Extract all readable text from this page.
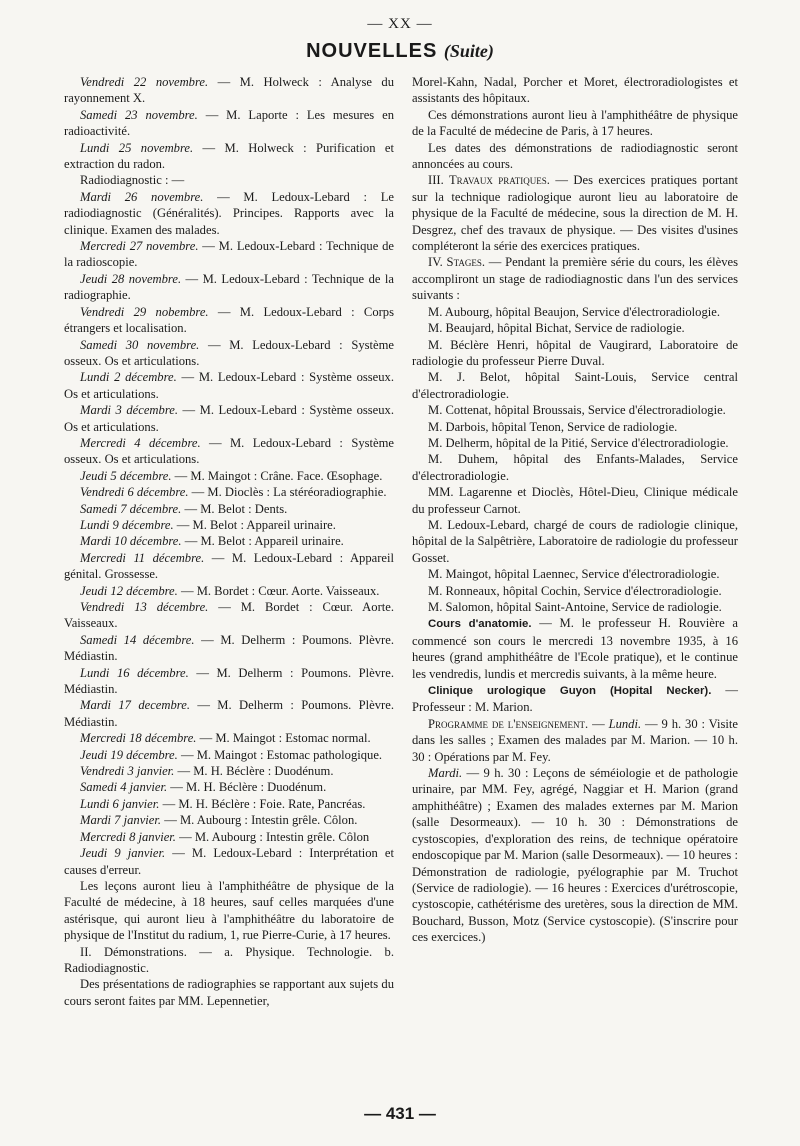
— XX —
NOUVELLES (Suite)

Vendredi 22 novembre. — M. Holweck : Analyse du rayonnement X.

Samedi 23 novembre. — M. Laporte : Les mesures en radioactivité.

Lundi 25 novembre. — M. Holweck : Purification et extraction du radon.

Radiodiagnostic : —

Mardi 26 novembre. — M. Ledoux-Lebard : Le radiodiagnostic (Généralités). Principes. Rapports avec la clinique. Examen des malades.

Mercredi 27 novembre. — M. Ledoux-Lebard : Technique de la radioscopie.

Jeudi 28 novembre. — M. Ledoux-Lebard : Technique de la radiographie.

Vendredi 29 nobembre. — M. Ledoux-Lebard : Corps étrangers et localisation.

Samedi 30 novembre. — M. Ledoux-Lebard : Système osseux. Os et articulations.

Lundi 2 décembre. — M. Ledoux-Lebard : Système osseux. Os et articulations.

Mardi 3 décembre. — M. Ledoux-Lebard : Système osseux. Os et articulations.

Mercredi 4 décembre. — M. Ledoux-Lebard : Système osseux. Os et articulations.

Jeudi 5 décembre. — M. Maingot : Crâne. Face. Œsophage.

Vendredi 6 décembre. — M. Dioclès : La stéréoradiographie.

Samedi 7 décembre. — M. Belot : Dents.

Lundi 9 décembre. — M. Belot : Appareil urinaire.

Mardi 10 décembre. — M. Belot : Appareil urinaire.

Mercredi 11 décembre. — M. Ledoux-Lebard : Appareil génital. Grossesse.

Jeudi 12 décembre. — M. Bordet : Cœur. Aorte. Vaisseaux.

Vendredi 13 décembre. — M. Bordet : Cœur. Aorte. Vaisseaux.

Samedi 14 décembre. — M. Delherm : Poumons. Plèvre. Médiastin.

Lundi 16 décembre. — M. Delherm : Poumons. Plèvre. Médiastin.

Mardi 17 decembre. — M. Delherm : Poumons. Plèvre. Médiastin.

Mercredi 18 décembre. — M. Maingot : Estomac normal.

Jeudi 19 décembre. — M. Maingot : Estomac pathologique.

Vendredi 3 janvier. — M. H. Béclère : Duodénum.

Samedi 4 janvier. — M. H. Béclère : Duodénum.

Lundi 6 janvier. — M. H. Béclère : Foie. Rate, Pancréas.

Mardi 7 janvier. — M. Aubourg : Intestin grêle. Côlon.

Mercredi 8 janvier. — M. Aubourg : Intestin grêle. Côlon

Jeudi 9 janvier. — M. Ledoux-Lebard : Interprétation et causes d'erreur.

Les leçons auront lieu à l'amphithéâtre de physique de la Faculté de médecine, à 18 heures, sauf celles marquées d'une astérisque, qui auront lieu à l'amphithéâtre du laboratoire de physique de l'Institut du radium, 1, rue Pierre-Curie, à 17 heures.

II. Démonstrations. — a. Physique. Technologie. b. Radiodiagnostic.

Des présentations de radiographies se rapportant aux sujets du cours seront faites par MM. Lepennetier,

Morel-Kahn, Nadal, Porcher et Moret, électroradiologistes et assistants des hôpitaux.

Ces démonstrations auront lieu à l'amphithéâtre de physique de la Faculté de médecine de Paris, à 17 heures.

Les dates des démonstrations de radiodiagnostic seront annoncées au cours.

III. Travaux pratiques. — Des exercices pratiques portant sur la technique radiologique auront lieu au laboratoire de physique de la Faculté de médecine, sous la direction de M. H. Desgrez, chef des travaux de physique. — Des visites d'usines compléteront la série des exercices pratiques.

IV. Stages. — Pendant la première série du cours, les élèves accompliront un stage de radiodiagnostic dans l'un des services suivants :

M. Aubourg, hôpital Beaujon, Service d'électroradiologie.

M. Beaujard, hôpital Bichat, Service de radiologie.

M. Béclère Henri, hôpital de Vaugirard, Laboratoire de radiologie du professeur Pierre Duval.

M. J. Belot, hôpital Saint-Louis, Service central d'électroradiologie.

M. Cottenat, hôpital Broussais, Service d'électroradiologie.

M. Darbois, hôpital Tenon, Service de radiologie.

M. Delherm, hôpital de la Pitié, Service d'électroradiologie.

M. Duhem, hôpital des Enfants-Malades, Service d'électroradiologie.

MM. Lagarenne et Dioclès, Hôtel-Dieu, Clinique médicale du professeur Carnot.

M. Ledoux-Lebard, chargé de cours de radiologie clinique, hôpital de la Salpêtrière, Laboratoire de radiologie du professeur Gosset.

M. Maingot, hôpital Laennec, Service d'électroradiologie.

M. Ronneaux, hôpital Cochin, Service d'électroradiologie.

M. Salomon, hôpital Saint-Antoine, Service de radiologie.

Cours d'anatomie. — M. le professeur H. Rouvière a commencé son cours le mercredi 13 novembre 1935, à 16 heures (grand amphithéâtre de l'Ecole pratique), et le continue les vendredis, lundis et mercredis suivants, à la même heure.

Clinique urologique Guyon (Hopital Necker). — Professeur : M. Marion.

Programme de l'enseignement. — Lundi. — 9 h. 30 : Visite dans les salles ; Examen des malades par M. Marion. — 10 h. 30 : Opérations par M. Fey.

Mardi. — 9 h. 30 : Leçons de séméiologie et de pathologie urinaire, par MM. Fey, agrégé, Naggiar et H. Marion (grand amphithéâtre) ; Examen des malades externes par M. Marion (salle Desormeaux). — 10 h. 30 : Démonstrations de cystoscopies, d'exploration des reins, de technique opératoire endoscopique par M. Marion (salle Desormeaux). — 10 heures : Démonstration de radiologie, pyélographie par M. Truchot (Service de radiologie). — 16 heures : Exercices d'urétroscopie, cystoscopie, cathétérisme des uretères, sous la direction de MM. Bouchard, Busson, Motz (Service cystoscopie). (S'inscrire pour ces exercices.)

— 431 —
